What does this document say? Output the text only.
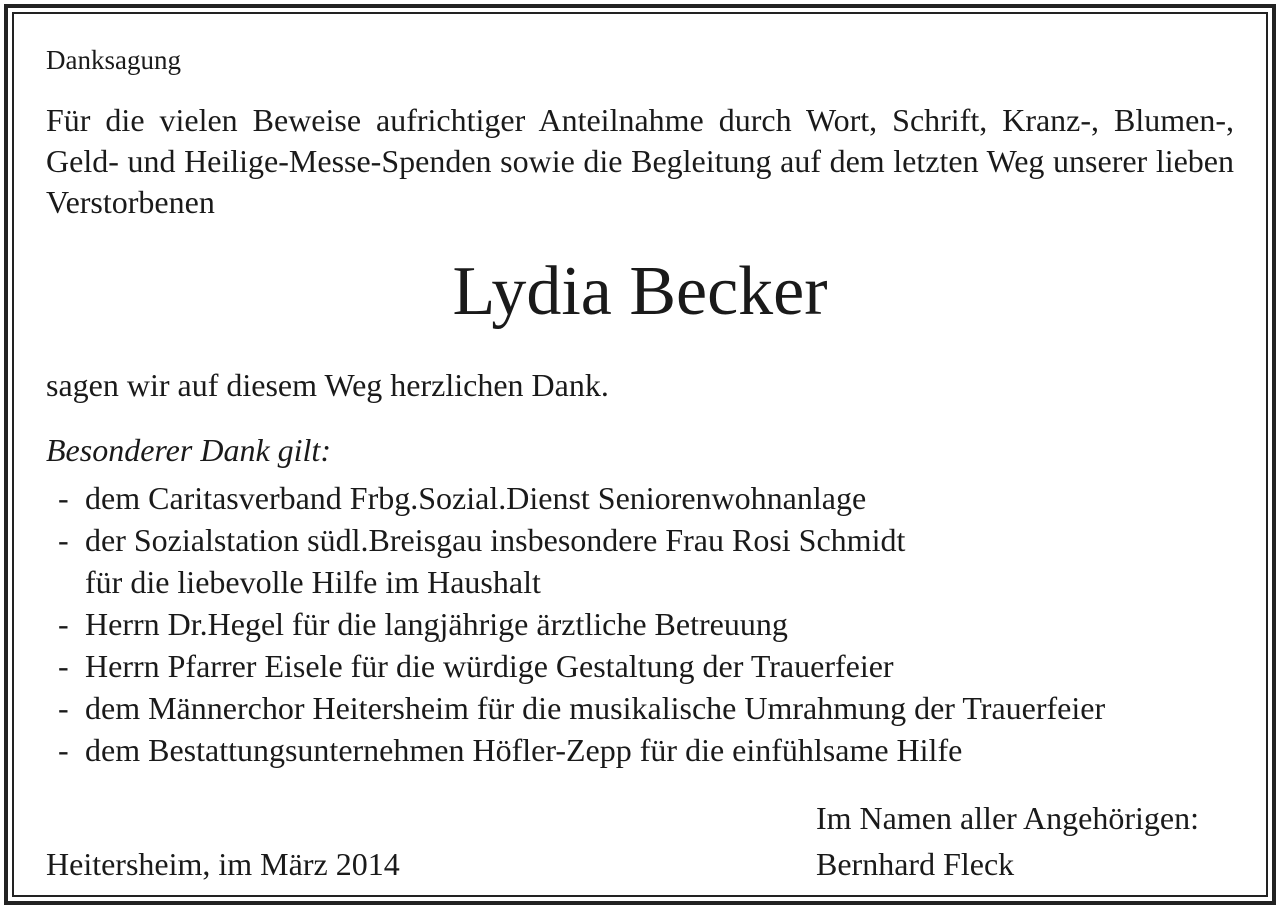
Danksagung

Für die vielen Beweise aufrichtiger Anteilnahme durch Wort, Schrift, Kranz-, Blumen-, Geld- und Heilige-Messe-Spenden sowie die Begleitung auf dem letzten Weg unserer lieben Verstorbenen

Lydia Becker

sagen wir auf diesem Weg herzlichen Dank.

Besonderer Dank gilt:

- dem Caritasverband Frbg.Sozial.Dienst Seniorenwohnanlage
- der Sozialstation südl.Breisgau insbesondere Frau Rosi Schmidt
für die liebevolle Hilfe im Haushalt
- Herrn Dr.Hegel für die langjährige ärztliche Betreuung
- Herrn Pfarrer Eisele für die würdige Gestaltung der Trauerfeier
- dem Männerchor Heitersheim für die musikalische Umrahmung der Trauerfeier
- dem Bestattungsunternehmen Höfler-Zepp für die einfühlsame Hilfe
Heitersheim, im März 2014
Im Namen aller Angehörigen:
Bernhard Fleck
